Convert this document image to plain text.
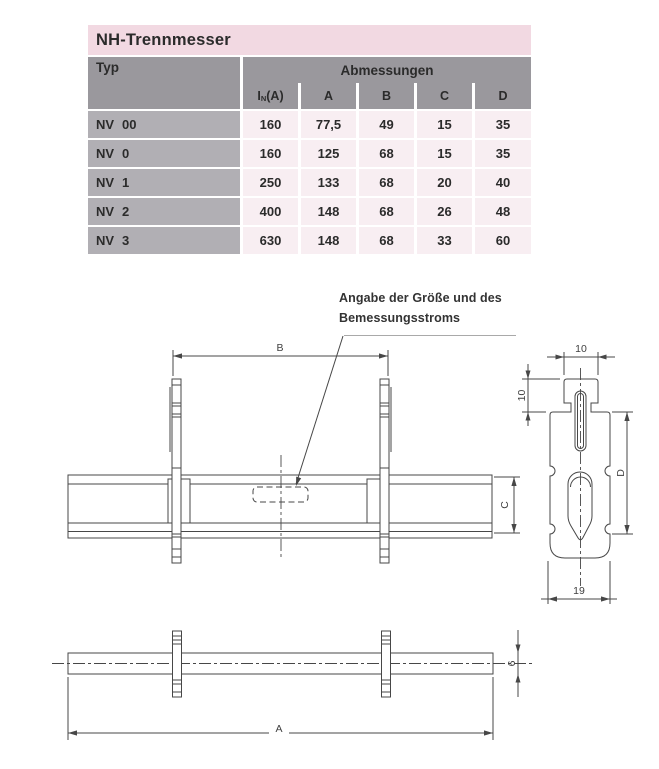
NH-Trennmesser
Typ	Abmessungen
I N (A)	A	B	C	D
NV 00	160	77,5	49	15	35
NV 0	160	125	68	15	35
NV 1	250	133	68	20	40
NV 2	400	148	68	26	48
NV 3	630	148	68	33	60
Angabe der Größe und des
Bemessungsstroms
B
C
10
10
D
19
6
A
